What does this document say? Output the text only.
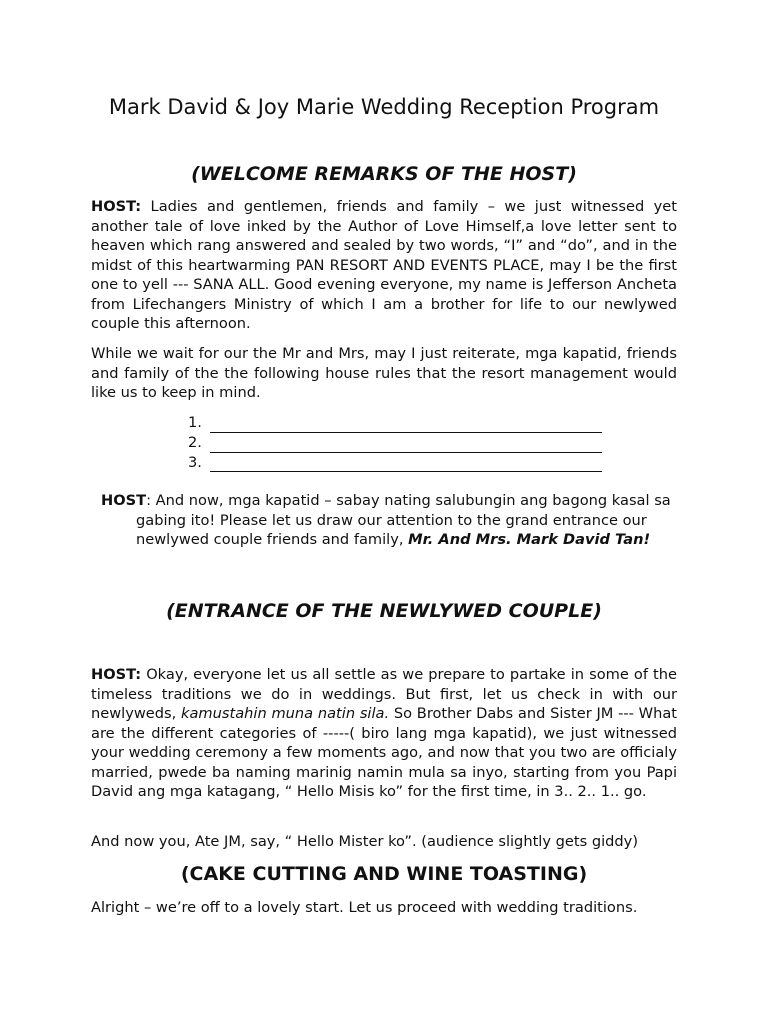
Mark David & Joy Marie Wedding Reception Program
(WELCOME REMARKS OF THE HOST)

HOST: Ladies and gentlemen, friends and family – we just witnessed yet another tale of love inked by the Author of Love Himself,a love letter sent to heaven which rang answered and sealed by two words, “I” and “do”, and in the midst of this heartwarming PAN RESORT AND EVENTS PLACE, may I be the first one to yell --- SANA ALL. Good evening everyone, my name is Jefferson Ancheta from Lifechangers Ministry of which I am a brother for life to our newlywed couple this afternoon.

While we wait for our the Mr and Mrs, may I just reiterate, mga kapatid, friends and family of the the following house rules that the resort management would like us to keep in mind.

1.
2.
3.

HOST: And now, mga kapatid – sabay nating salubungin ang bagong kasal sa gabing ito! Please let us draw our attention to the grand entrance our newlywed couple friends and family, Mr. And Mrs. Mark David Tan!

(ENTRANCE OF THE NEWLYWED COUPLE)

HOST: Okay, everyone let us all settle as we prepare to partake in some of the timeless traditions we do in weddings. But first, let us check in with our newlyweds, kamustahin muna natin sila. So Brother Dabs and Sister JM --- What are the different categories of -----( biro lang mga kapatid), we just witnessed your wedding ceremony a few moments ago, and now that you two are officialy married, pwede ba naming marinig namin mula sa inyo, starting from you Papi David ang mga katagang, “ Hello Misis ko” for the first time, in 3.. 2.. 1.. go.

And now you, Ate JM, say, “ Hello Mister ko”. (audience slightly gets giddy)

(CAKE CUTTING AND WINE TOASTING)

Alright – we’re off to a lovely start. Let us proceed with wedding traditions.
